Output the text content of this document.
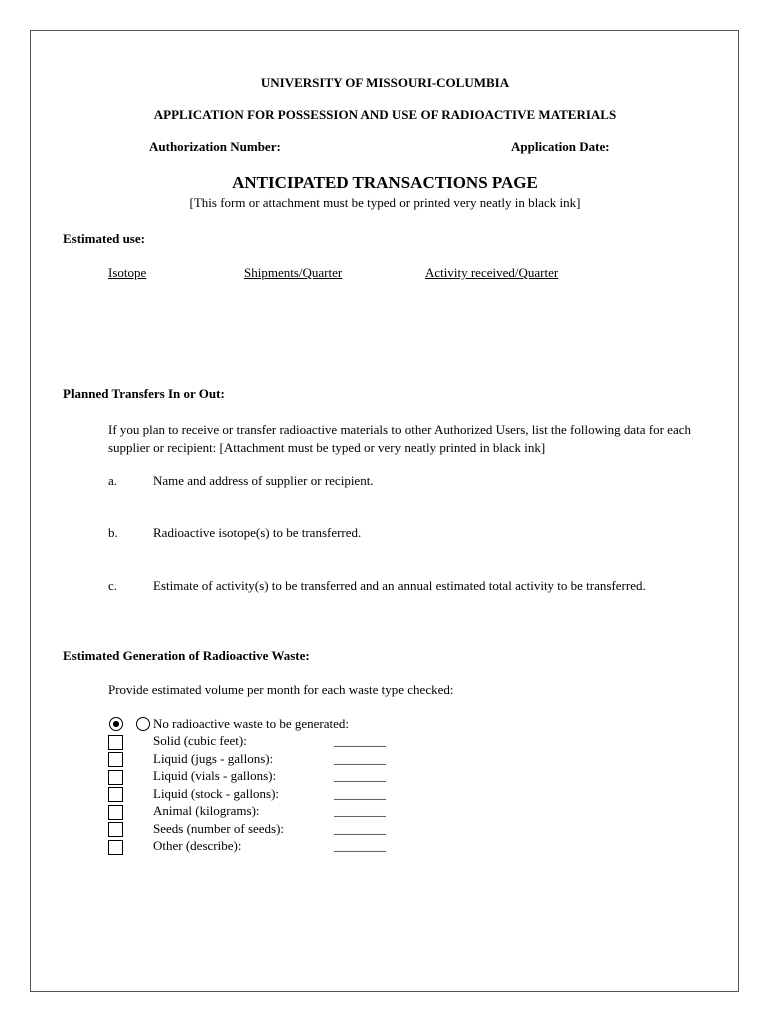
UNIVERSITY OF MISSOURI-COLUMBIA
APPLICATION FOR POSSESSION AND USE OF RADIOACTIVE MATERIALS
Authorization Number:	Application Date:
ANTICIPATED TRANSACTIONS PAGE
[This form or attachment must be typed or printed very neatly in black ink]
Estimated use:
Isotope	Shipments/Quarter	Activity received/Quarter
Planned Transfers In or Out:
If you plan to receive or transfer radioactive materials to other Authorized Users, list the following data for each supplier or recipient: [Attachment must be typed or very neatly printed in black ink]
a.	Name and address of supplier or recipient.
b.	Radioactive isotope(s) to be transferred.
c.	Estimate of activity(s) to be transferred and an annual estimated total activity to be transferred.
Estimated Generation of Radioactive Waste:
Provide estimated volume per month for each waste type checked:
No radioactive waste to be generated:
Solid (cubic feet):	________
Liquid (jugs - gallons):	________
Liquid (vials - gallons):	________
Liquid (stock - gallons):	________
Animal (kilograms):	________
Seeds (number of seeds):	________
Other (describe):	________
